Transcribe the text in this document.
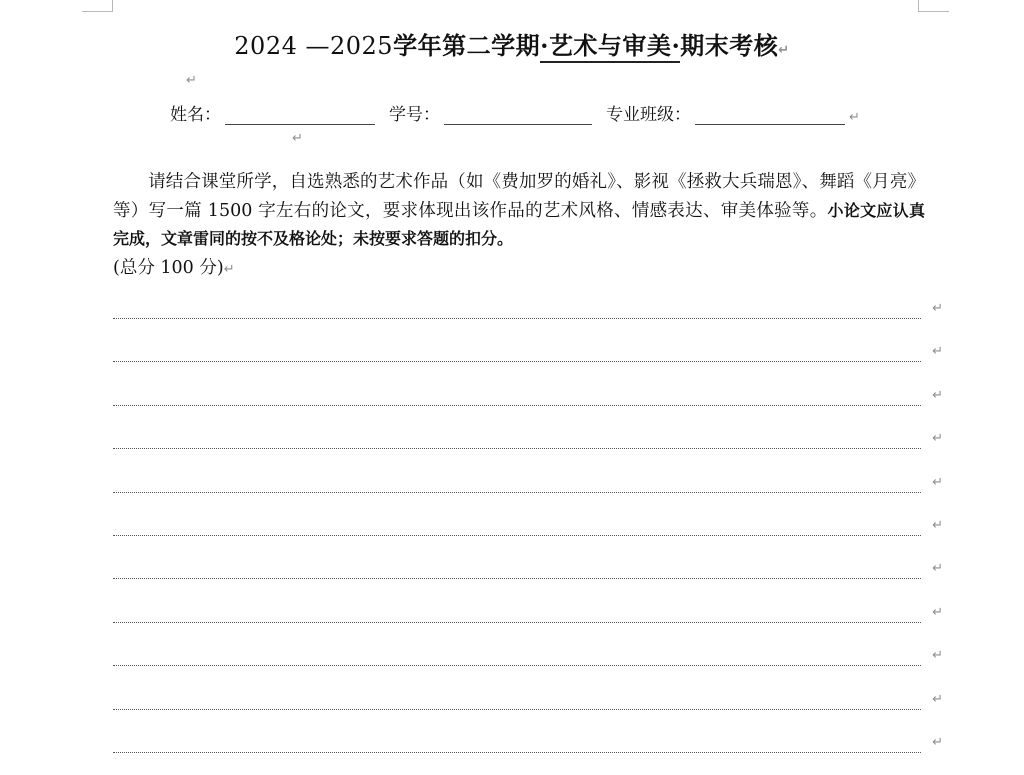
2024 —2025学年第二学期·艺术与审美·期末考核↵
↵
姓名：	学号：	专业班级：	↵
↵
请结合课堂所学，自选熟悉的艺术作品（如《费加罗的婚礼》、影视《拯救大兵瑞恩》、舞蹈《月亮》等）写一篇 1500 字左右的论文，要求体现出该作品的艺术风格、情感表达、审美体验等。小论文应认真完成，文章雷同的按不及格论处；未按要求答题的扣分。
(总分 100 分)↵
↵
↵
↵
↵
↵
↵
↵
↵
↵
↵
↵
